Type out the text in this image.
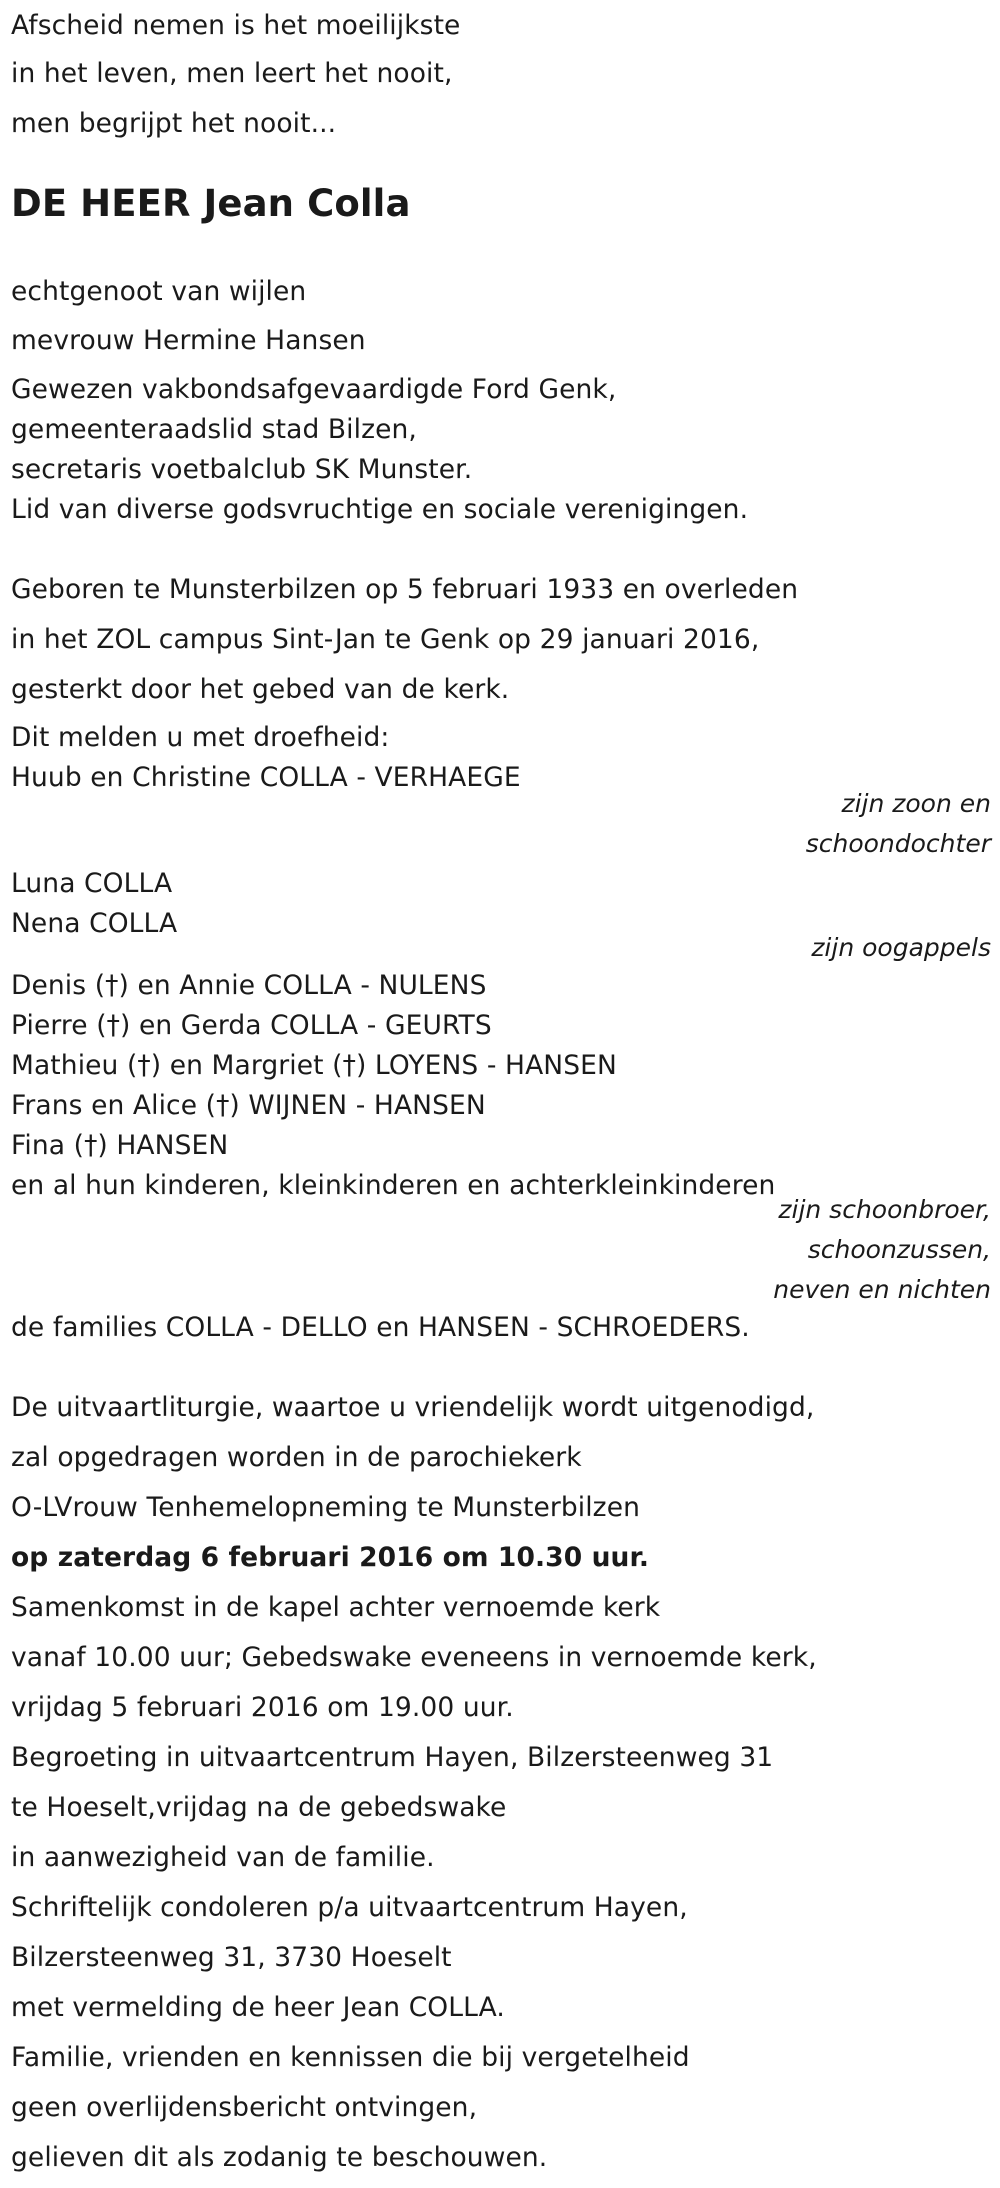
Afscheid nemen is het moeilijkste
in het leven, men leert het nooit,
men begrijpt het nooit...
DE HEER Jean Colla
echtgenoot van wijlen
mevrouw Hermine Hansen
Gewezen vakbondsafgevaardigde Ford Genk,
gemeenteraadslid stad Bilzen,
secretaris voetbalclub SK Munster.
Lid van diverse godsvruchtige en sociale verenigingen.
Geboren te Munsterbilzen op 5 februari 1933 en overleden
in het ZOL campus Sint-Jan te Genk op 29 januari 2016,
gesterkt door het gebed van de kerk.
Dit melden u met droefheid:
Huub en Christine COLLA - VERHAEGE
zijn zoon en
schoondochter
Luna COLLA
Nena COLLA
zijn oogappels
Denis (†) en Annie COLLA - NULENS
Pierre (†) en Gerda COLLA - GEURTS
Mathieu (†) en Margriet (†) LOYENS - HANSEN
Frans en Alice (†) WIJNEN - HANSEN
Fina (†) HANSEN
en al hun kinderen, kleinkinderen en achterkleinkinderen
zijn schoonbroer,
schoonzussen,
neven en nichten
de families COLLA - DELLO en HANSEN - SCHROEDERS.
De uitvaartliturgie, waartoe u vriendelijk wordt uitgenodigd,
zal opgedragen worden in de parochiekerk
O-LVrouw Tenhemelopneming te Munsterbilzen
op zaterdag 6 februari 2016 om 10.30 uur.
Samenkomst in de kapel achter vernoemde kerk
vanaf 10.00 uur; Gebedswake eveneens in vernoemde kerk,
vrijdag 5 februari 2016 om 19.00 uur.
Begroeting in uitvaartcentrum Hayen, Bilzersteenweg 31
te Hoeselt,vrijdag na de gebedswake
in aanwezigheid van de familie.
Schriftelijk condoleren p/a uitvaartcentrum Hayen,
Bilzersteenweg 31, 3730 Hoeselt
met vermelding de heer Jean COLLA.
Familie, vrienden en kennissen die bij vergetelheid
geen overlijdensbericht ontvingen,
gelieven dit als zodanig te beschouwen.
